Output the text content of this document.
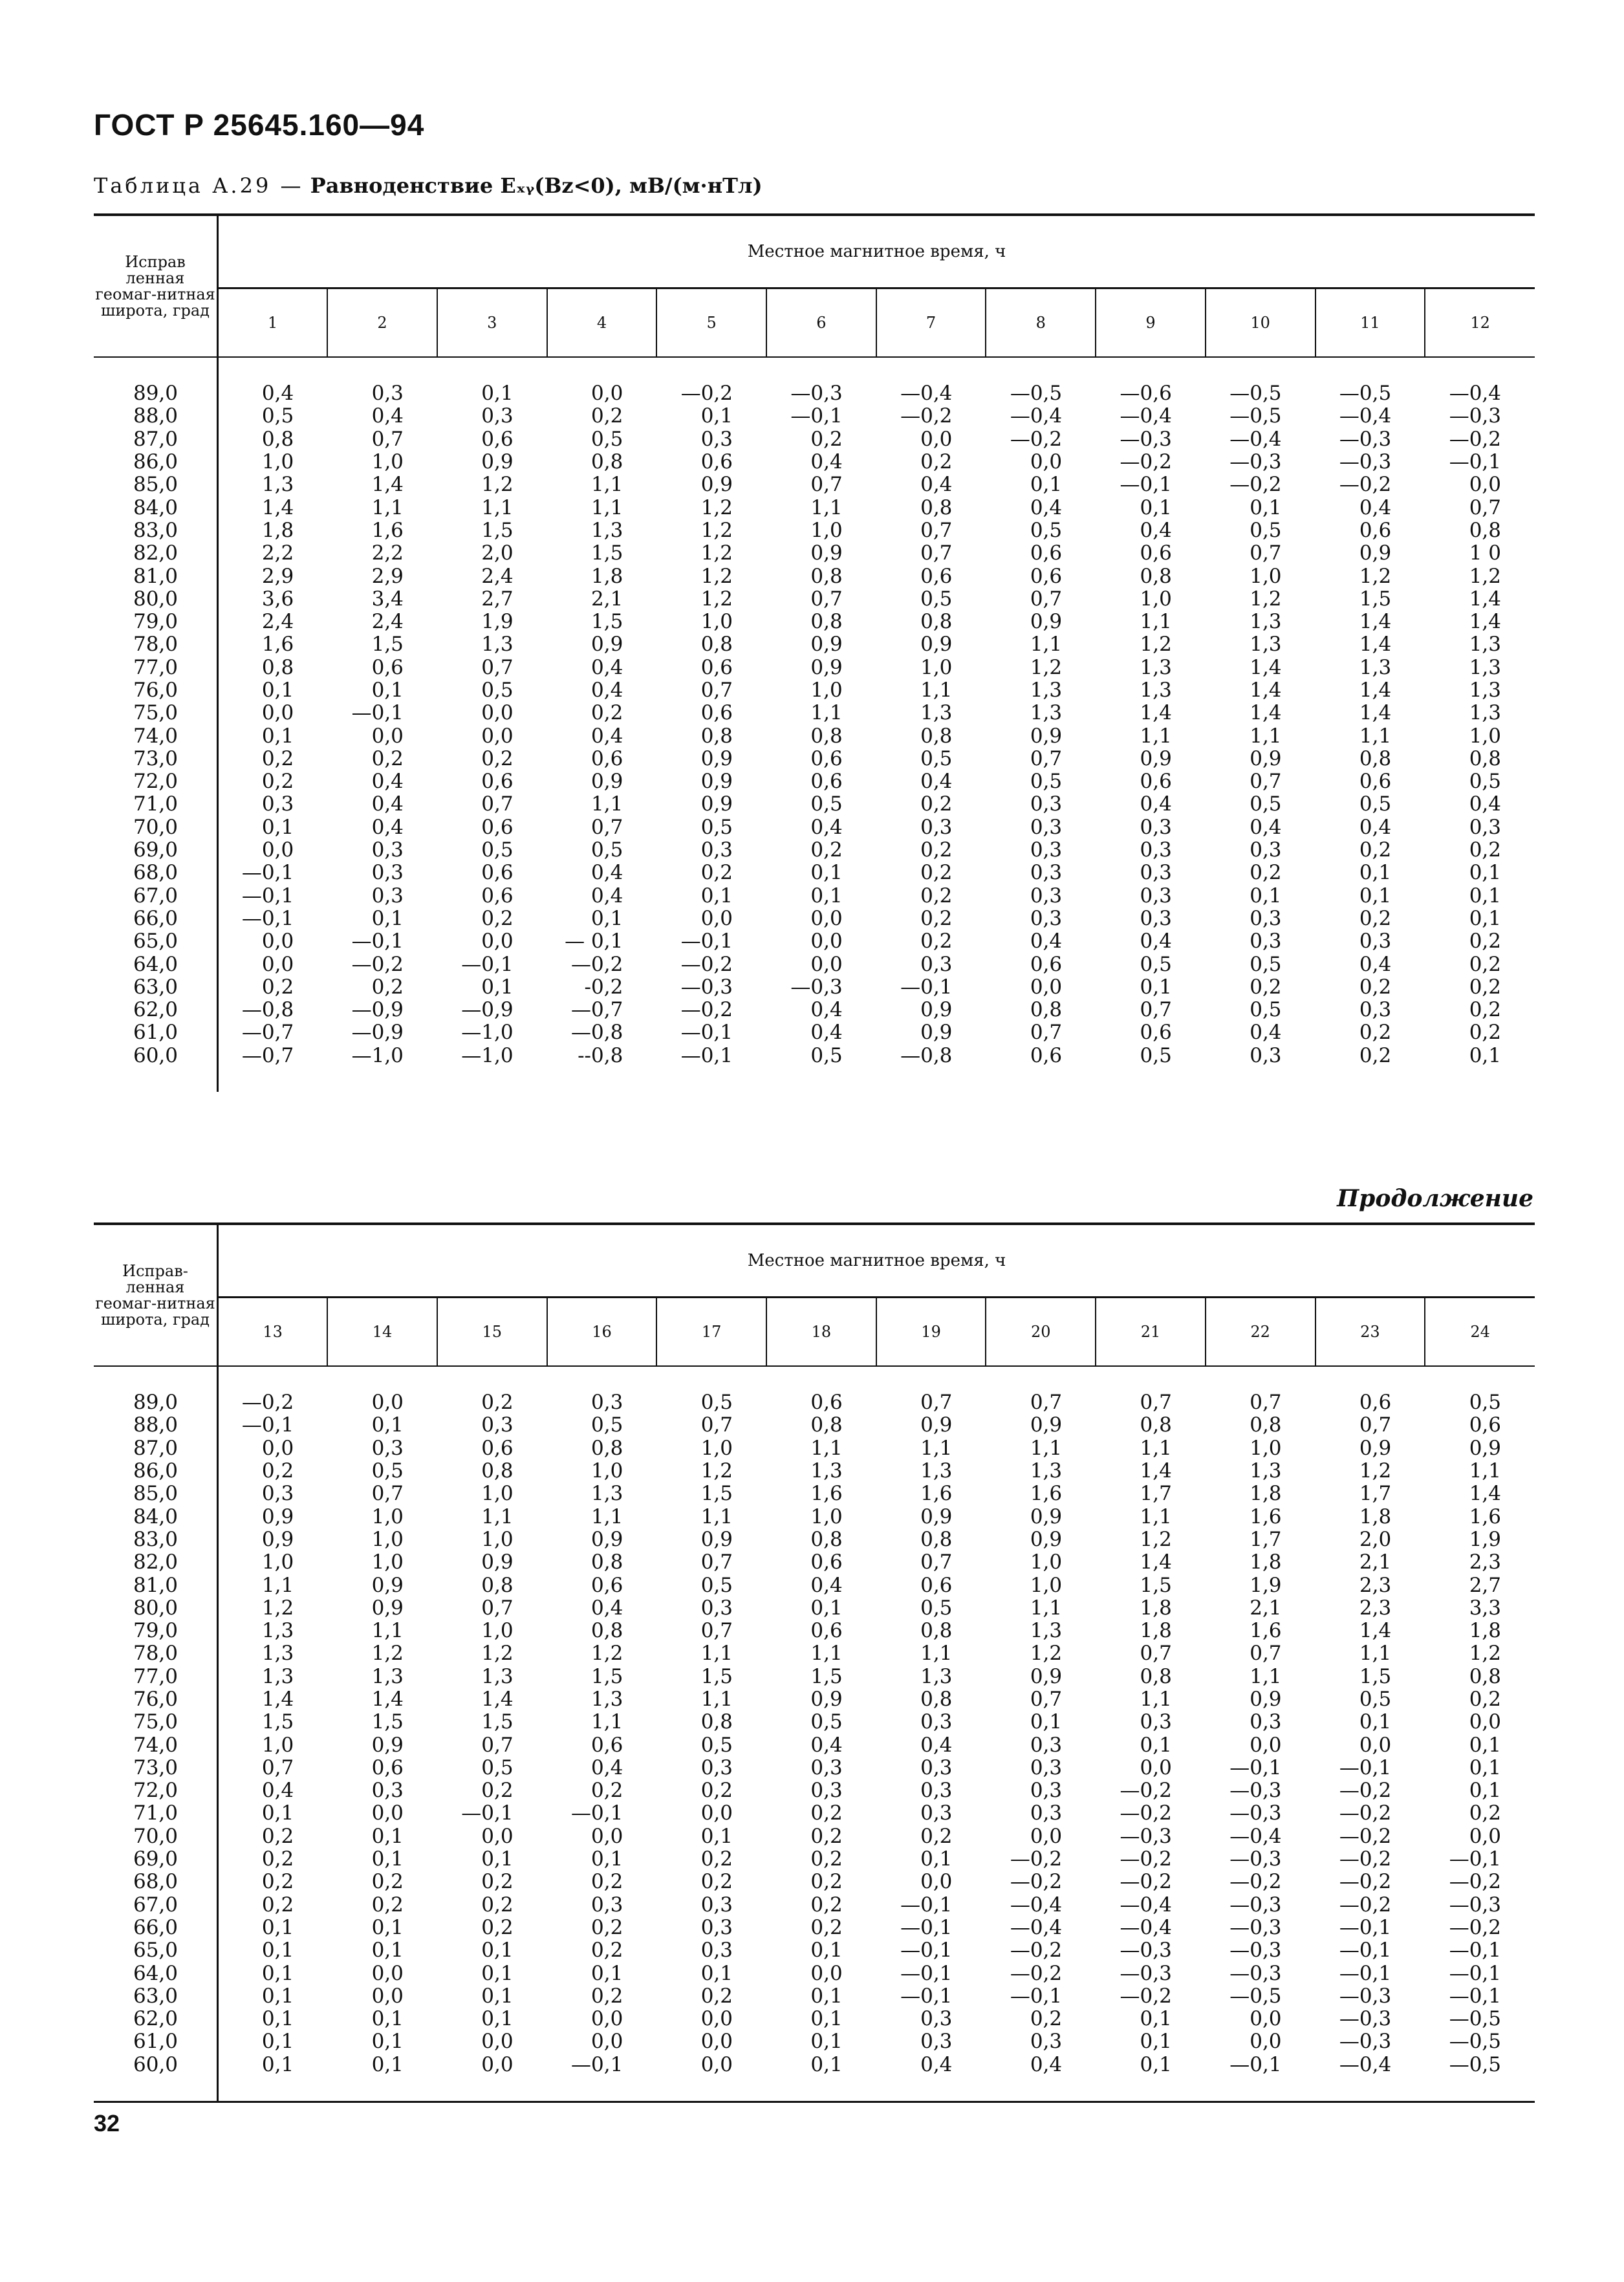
ГОСТ Р 25645.160—94
Таблица А.29 — Равноденствие Eₓᵧ(Bᴢ<0), мВ/(м·нТл)
Исправ ленная геомаг-нитная широта, град	Местное магнитное время, ч											
	1	2	3	4	5	6	7	8	9	10	11	12
89,0	0,4	0,3	0,1	0,0	—0,2	—0,3	—0,4	—0,5	—0,6	—0,5	—0,5	—0,4
88,0	0,5	0,4	0,3	0,2	0,1	—0,1	—0,2	—0,4	—0,4	—0,5	—0,4	—0,3
87,0	0,8	0,7	0,6	0,5	0,3	0,2	0,0	—0,2	—0,3	—0,4	—0,3	—0,2
86,0	1,0	1,0	0,9	0,8	0,6	0,4	0,2	0,0	—0,2	—0,3	—0,3	—0,1
85,0	1,3	1,4	1,2	1,1	0,9	0,7	0,4	0,1	—0,1	—0,2	—0,2	0,0
84,0	1,4	1,1	1,1	1,1	1,2	1,1	0,8	0,4	0,1	0,1	0,4	0,7
83,0	1,8	1,6	1,5	1,3	1,2	1,0	0,7	0,5	0,4	0,5	0,6	0,8
82,0	2,2	2,2	2,0	1,5	1,2	0,9	0,7	0,6	0,6	0,7	0,9	1 0
81,0	2,9	2,9	2,4	1,8	1,2	0,8	0,6	0,6	0,8	1,0	1,2	1,2
80,0	3,6	3,4	2,7	2,1	1,2	0,7	0,5	0,7	1,0	1,2	1,5	1,4
79,0	2,4	2,4	1,9	1,5	1,0	0,8	0,8	0,9	1,1	1,3	1,4	1,4
78,0	1,6	1,5	1,3	0,9	0,8	0,9	0,9	1,1	1,2	1,3	1,4	1,3
77,0	0,8	0,6	0,7	0,4	0,6	0,9	1,0	1,2	1,3	1,4	1,3	1,3
76,0	0,1	0,1	0,5	0,4	0,7	1,0	1,1	1,3	1,3	1,4	1,4	1,3
75,0	0,0	—0,1	0,0	0,2	0,6	1,1	1,3	1,3	1,4	1,4	1,4	1,3
74,0	0,1	0,0	0,0	0,4	0,8	0,8	0,8	0,9	1,1	1,1	1,1	1,0
73,0	0,2	0,2	0,2	0,6	0,9	0,6	0,5	0,7	0,9	0,9	0,8	0,8
72,0	0,2	0,4	0,6	0,9	0,9	0,6	0,4	0,5	0,6	0,7	0,6	0,5
71,0	0,3	0,4	0,7	1,1	0,9	0,5	0,2	0,3	0,4	0,5	0,5	0,4
70,0	0,1	0,4	0,6	0,7	0,5	0,4	0,3	0,3	0,3	0,4	0,4	0,3
69,0	0,0	0,3	0,5	0,5	0,3	0,2	0,2	0,3	0,3	0,3	0,2	0,2
68,0	—0,1	0,3	0,6	0,4	0,2	0,1	0,2	0,3	0,3	0,2	0,1	0,1
67,0	—0,1	0,3	0,6	0,4	0,1	0,1	0,2	0,3	0,3	0,1	0,1	0,1
66,0	—0,1	0,1	0,2	0,1	0,0	0,0	0,2	0,3	0,3	0,3	0,2	0,1
65,0	0,0	—0,1	0,0	— 0,1	—0,1	0,0	0,2	0,4	0,4	0,3	0,3	0,2
64,0	0,0	—0,2	—0,1	—0,2	—0,2	0,0	0,3	0,6	0,5	0,5	0,4	0,2
63,0	0,2	0,2	0,1	-0,2	—0,3	—0,3	—0,1	0,0	0,1	0,2	0,2	0,2
62,0	—0,8	—0,9	—0,9	—0,7	—0,2	0,4	0,9	0,8	0,7	0,5	0,3	0,2
61,0	—0,7	—0,9	—1,0	—0,8	—0,1	0,4	0,9	0,7	0,6	0,4	0,2	0,2
60,0	—0,7	—1,0	—1,0	--0,8	—0,1	0,5	—0,8	0,6	0,5	0,3	0,2	0,1
Продолжение
Исправ-ленная геомаг-нитная широта, град	Местное магнитное время, ч											
	13	14	15	16	17	18	19	20	21	22	23	24
89,0	—0,2	0,0	0,2	0,3	0,5	0,6	0,7	0,7	0,7	0,7	0,6	0,5
88,0	—0,1	0,1	0,3	0,5	0,7	0,8	0,9	0,9	0,8	0,8	0,7	0,6
87,0	0,0	0,3	0,6	0,8	1,0	1,1	1,1	1,1	1,1	1,0	0,9	0,9
86,0	0,2	0,5	0,8	1,0	1,2	1,3	1,3	1,3	1,4	1,3	1,2	1,1
85,0	0,3	0,7	1,0	1,3	1,5	1,6	1,6	1,6	1,7	1,8	1,7	1,4
84,0	0,9	1,0	1,1	1,1	1,1	1,0	0,9	0,9	1,1	1,6	1,8	1,6
83,0	0,9	1,0	1,0	0,9	0,9	0,8	0,8	0,9	1,2	1,7	2,0	1,9
82,0	1,0	1,0	0,9	0,8	0,7	0,6	0,7	1,0	1,4	1,8	2,1	2,3
81,0	1,1	0,9	0,8	0,6	0,5	0,4	0,6	1,0	1,5	1,9	2,3	2,7
80,0	1,2	0,9	0,7	0,4	0,3	0,1	0,5	1,1	1,8	2,1	2,3	3,3
79,0	1,3	1,1	1,0	0,8	0,7	0,6	0,8	1,3	1,8	1,6	1,4	1,8
78,0	1,3	1,2	1,2	1,2	1,1	1,1	1,1	1,2	0,7	0,7	1,1	1,2
77,0	1,3	1,3	1,3	1,5	1,5	1,5	1,3	0,9	0,8	1,1	1,5	0,8
76,0	1,4	1,4	1,4	1,3	1,1	0,9	0,8	0,7	1,1	0,9	0,5	0,2
75,0	1,5	1,5	1,5	1,1	0,8	0,5	0,3	0,1	0,3	0,3	0,1	0,0
74,0	1,0	0,9	0,7	0,6	0,5	0,4	0,4	0,3	0,1	0,0	0,0	0,1
73,0	0,7	0,6	0,5	0,4	0,3	0,3	0,3	0,3	0,0	—0,1	—0,1	0,1
72,0	0,4	0,3	0,2	0,2	0,2	0,3	0,3	0,3	—0,2	—0,3	—0,2	0,1
71,0	0,1	0,0	—0,1	—0,1	0,0	0,2	0,3	0,3	—0,2	—0,3	—0,2	0,2
70,0	0,2	0,1	0,0	0,0	0,1	0,2	0,2	0,0	—0,3	—0,4	—0,2	0,0
69,0	0,2	0,1	0,1	0,1	0,2	0,2	0,1	—0,2	—0,2	—0,3	—0,2	—0,1
68,0	0,2	0,2	0,2	0,2	0,2	0,2	0,0	—0,2	—0,2	—0,2	—0,2	—0,2
67,0	0,2	0,2	0,2	0,3	0,3	0,2	—0,1	—0,4	—0,4	—0,3	—0,2	—0,3
66,0	0,1	0,1	0,2	0,2	0,3	0,2	—0,1	—0,4	—0,4	—0,3	—0,1	—0,2
65,0	0,1	0,1	0,1	0,2	0,3	0,1	—0,1	—0,2	—0,3	—0,3	—0,1	—0,1
64,0	0,1	0,0	0,1	0,1	0,1	0,0	—0,1	—0,2	—0,3	—0,3	—0,1	—0,1
63,0	0,1	0,0	0,1	0,2	0,2	0,1	—0,1	—0,1	—0,2	—0,5	—0,3	—0,1
62,0	0,1	0,1	0,1	0,0	0,0	0,1	0,3	0,2	0,1	0,0	—0,3	—0,5
61,0	0,1	0,1	0,0	0,0	0,0	0,1	0,3	0,3	0,1	0,0	—0,3	—0,5
60,0	0,1	0,1	0,0	—0,1	0,0	0,1	0,4	0,4	0,1	—0,1	—0,4	—0,5
32
